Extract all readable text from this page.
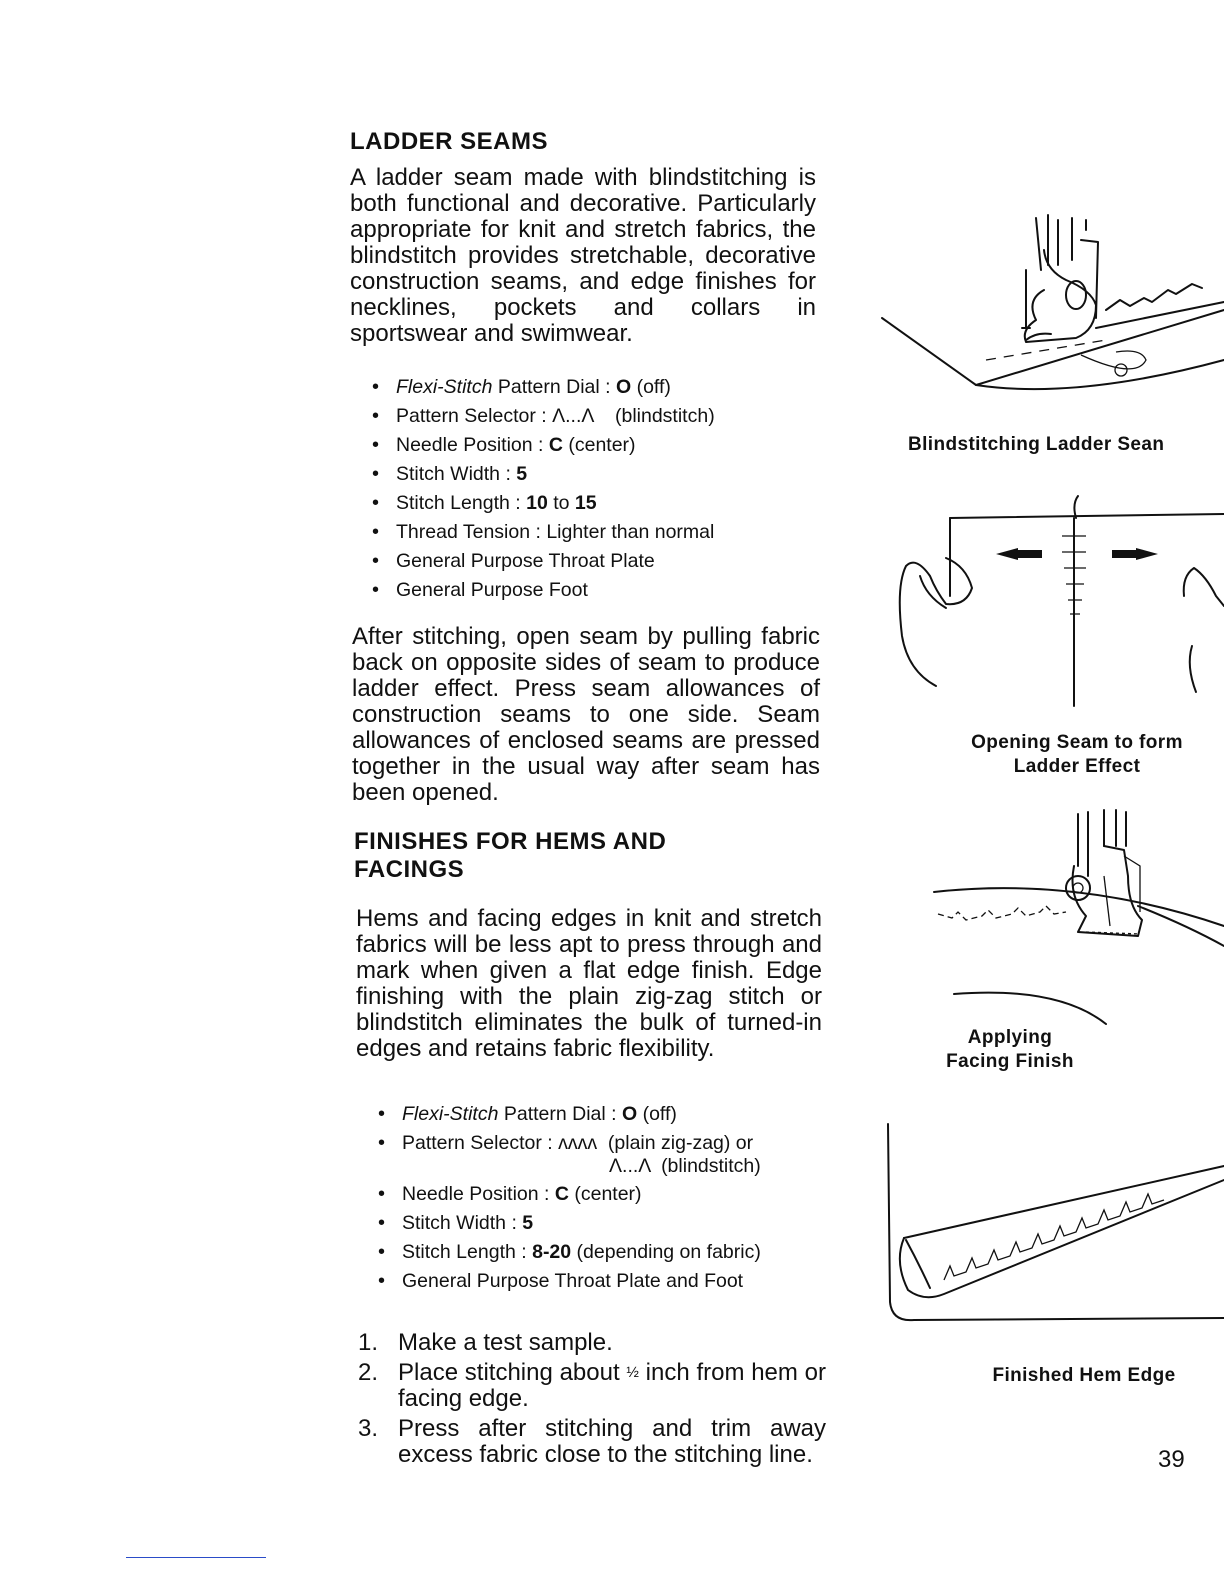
LADDER SEAMS
A ladder seam made with blindstitching is both functional and decorative. Particularly appropriate for knit and stretch fabrics, the blindstitch provides stretchable, decorative construction seams, and edge finishes for necklines, pockets and collars in sportswear and swimwear.
• Flexi-Stitch Pattern Dial : O (off)
• Pattern Selector : Λ...Λ    (blindstitch)
• Needle Position : C (center)
• Stitch Width : 5
• Stitch Length : 10 to 15
• Thread Tension : Lighter than normal
• General Purpose Throat Plate
• General Purpose Foot
After stitching, open seam by pulling fabric back on opposite sides of seam to produce ladder effect. Press seam allowances of construction seams to one side. Seam allowances of enclosed seams are pressed together in the usual way after seam has been opened.
FINISHES FOR HEMS AND
FACINGS
Hems and facing edges in knit and stretch fabrics will be less apt to press through and mark when given a flat edge finish. Edge finishing with the plain zig-zag stitch or blindstitch eliminates the bulk of turned-in edges and retains fabric flexibility.
• Flexi-Stitch Pattern Dial : O (off)
• Pattern Selector : ᴧᴧᴧᴧ  (plain zig-zag) or
Λ...Λ  (blindstitch)
• Needle Position : C (center)
• Stitch Width : 5
• Stitch Length : 8-20 (depending on fabric)
• General Purpose Throat Plate and Foot
1. Make a test sample.
2. Place stitching about ½ inch from hem or facing edge.
3. Press after stitching and trim away excess fabric close to the stitching line.
Blindstitching Ladder Sean
Opening Seam to form
Ladder Effect
Applying
Facing Finish
Finished Hem Edge
39
